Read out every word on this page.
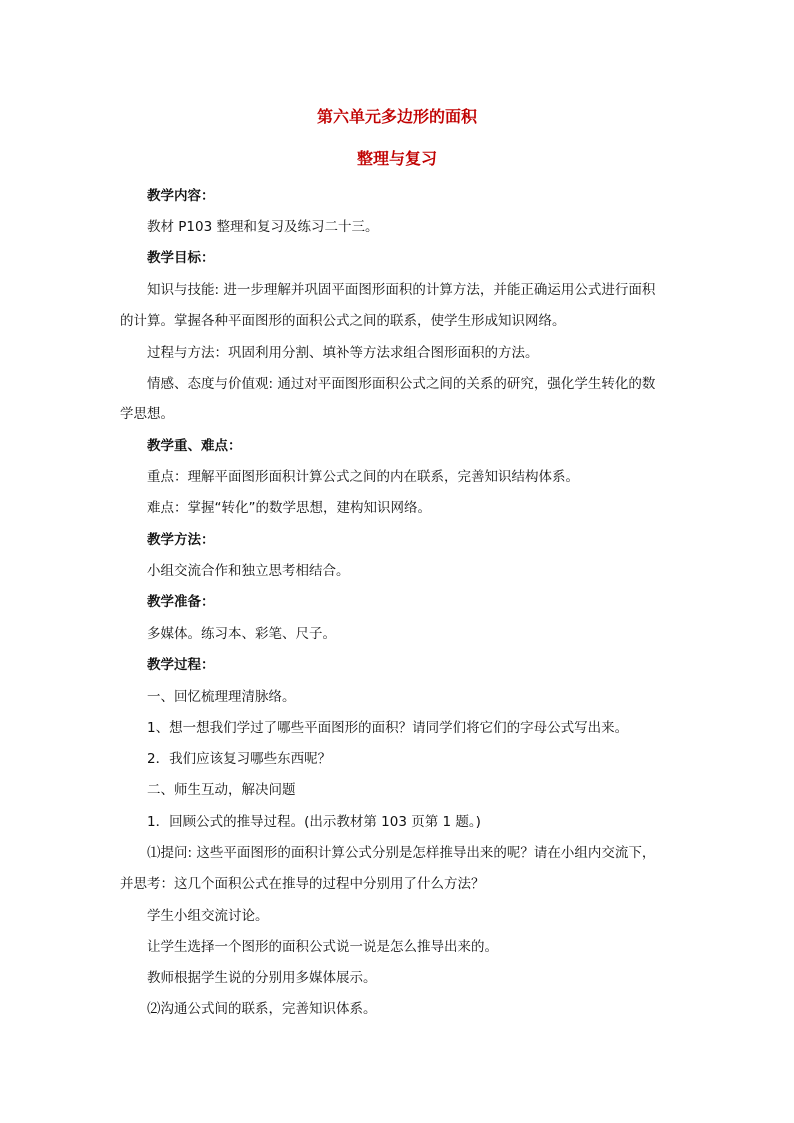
第六单元多边形的面积
整理与复习
教学内容：
教材 P103 整理和复习及练习二十三。
教学目标：
知识与技能: 进一步理解并巩固平面图形面积的计算方法，并能正确运用公式进行面积
的计算。掌握各种平面图形的面积公式之间的联系，使学生形成知识网络。
过程与方法：巩固利用分割、填补等方法求组合图形面积的方法。
情感、态度与价值观: 通过对平面图形面积公式之间的关系的研究，强化学生转化的数
学思想。
教学重、难点：
重点：理解平面图形面积计算公式之间的内在联系，完善知识结构体系。
难点：掌握“转化”的数学思想，建构知识网络。
教学方法：
小组交流合作和独立思考相结合。
教学准备：
多媒体。练习本、彩笔、尺子。
教学过程：
一、回忆梳理理清脉络。
1、想一想我们学过了哪些平面图形的面积？请同学们将它们的字母公式写出来。
2．我们应该复习哪些东西呢？
二、师生互动，解决问题
1．回顾公式的推导过程。(出示教材第 103 页第 1 题。)
⑴提问: 这些平面图形的面积计算公式分别是怎样推导出来的呢？请在小组内交流下，
并思考：这几个面积公式在推导的过程中分别用了什么方法？
学生小组交流讨论。
让学生选择一个图形的面积公式说一说是怎么推导出来的。
教师根据学生说的分别用多媒体展示。
⑵沟通公式间的联系，完善知识体系。
